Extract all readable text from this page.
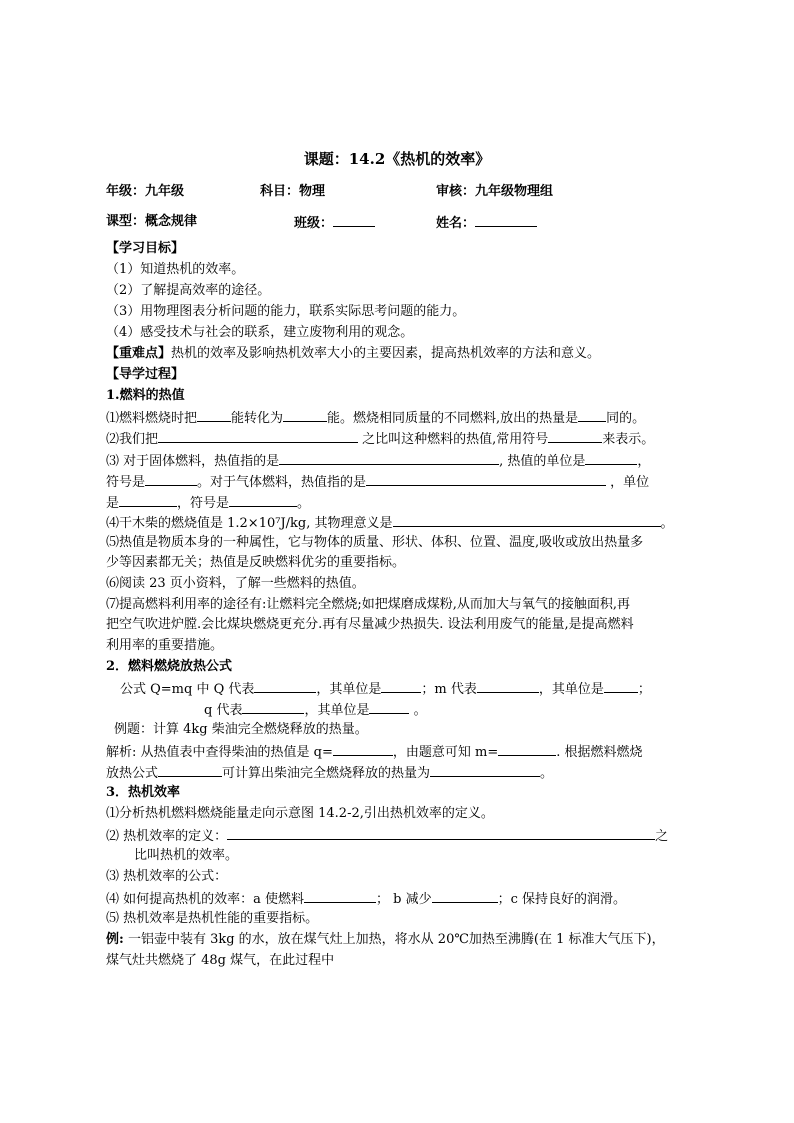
课题：14.2《热机的效率》
年级：九年级	科目：物理	审核：九年级物理组
课型：概念规律	班级：	姓名：
【学习目标】
（1）知道热机的效率。
（2）了解提高效率的途径。
（3）用物理图表分析问题的能力，联系实际思考问题的能力。
（4）感受技术与社会的联系，建立废物利用的观念。
【重难点】热机的效率及影响热机效率大小的主要因素，提高热机效率的方法和意义。
【导学过程】
1.燃料的热值
⑴燃料燃烧时把	能转化为	能。燃烧相同质量的不同燃料,放出的热量是 同的。
⑵我们把	之比叫这种燃料的热值,常用符号	来表示。
⑶ 对于固体燃料，热值指的是	, 热值的单位是	，
符号是	。对于气体燃料，热值指的是	，单位
是	，符号是	。
⑷干木柴的燃烧值是 1.2×10⁷J/kg, 其物理意义是	。
⑸热值是物质本身的一种属性，它与物体的质量、形状、体积、位置、温度,吸收或放出热量多
少等因素都无关；热值是反映燃料优劣的重要指标。
⑹阅读 23 页小资料，了解一些燃料的热值。
⑺提高燃料利用率的途径有:让燃料完全燃烧;如把煤磨成煤粉,从而加大与氧气的接触面积,再
把空气吹进炉膛.会比煤块燃烧更充分.再有尽量减少热损失. 设法利用废气的能量,是提高燃料
利用率的重要措施。
2．燃料燃烧放热公式
公式 Q=mq 中 Q 代表	，其单位是	；m 代表	，其单位是	；
q 代表	，其单位是	。
例题：计算 4kg 柴油完全燃烧释放的热量。
解析: 从热值表中查得柴油的热值是 q=	，由题意可知 m=	. 根据燃料燃烧
放热公式	可计算出柴油完全燃烧释放的热量为	。
3．热机效率
⑴分析热机燃料燃烧能量走向示意图 14.2-2,引出热机效率的定义。
⑵ 热机效率的定义：	之
比叫热机的效率。
⑶ 热机效率的公式：
⑷ 如何提高热机的效率：a 使燃料	； b 减少	；c 保持良好的润滑。
⑸ 热机效率是热机性能的重要指标。
例: 一铝壶中装有 3kg 的水，放在煤气灶上加热，将水从 20℃加热至沸腾(在 1 标准大气压下)，
煤气灶共燃烧了 48g 煤气，在此过程中
